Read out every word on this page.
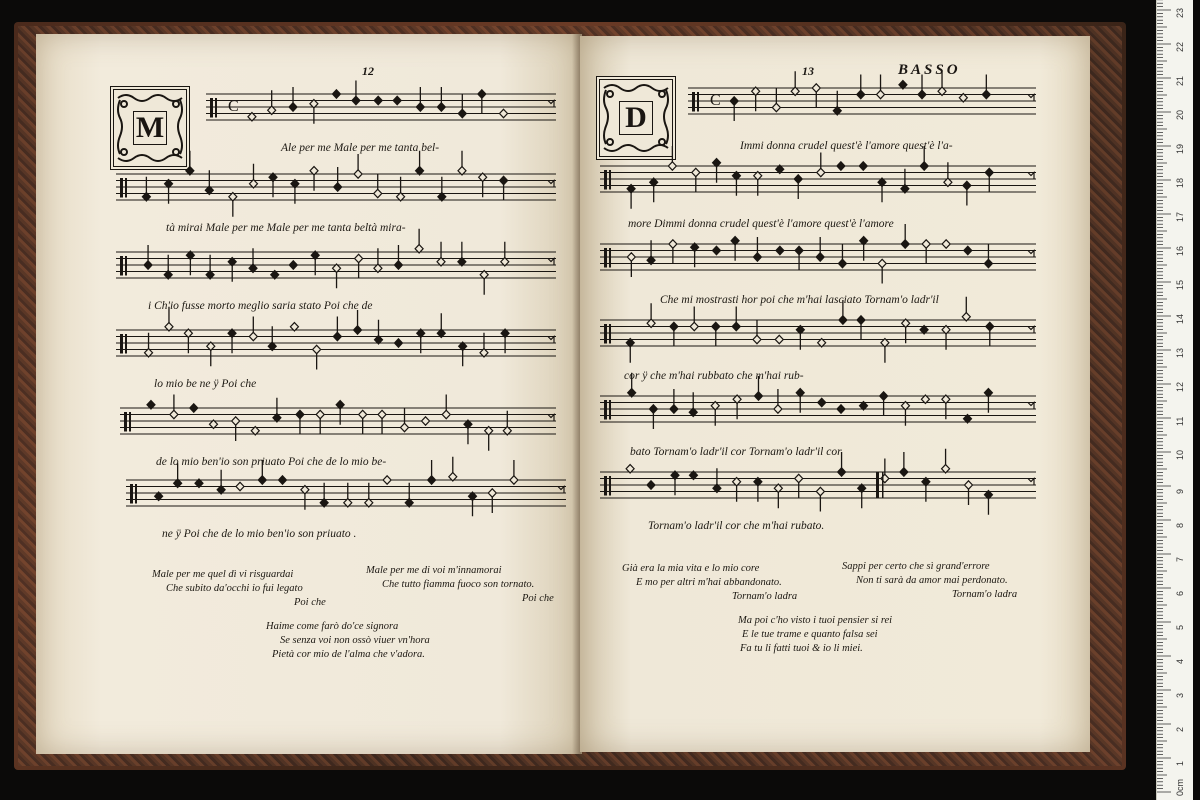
12
M
C
Ale per me Male per me tanta bel-
tà mirai Male per me Male per me tanta beltà mira-
i Ch'io fusse morto meglio saria stato Poi che de
lo mio be ne ÿ Poi che
de lo mio ben'io son priuato Poi che de lo mio be-
ne ÿ Poi che de lo mio ben'io son priuato .
Male per me quel dì vi risguardai
Che subito da'occhi io fui legato
Poi che
Male per me di voi m'innamorai
Che tutto fiamma fuoco son tornato.
Poi che
Haime come farò do'ce signora
Se senza voi non ossò viuer vn'hora
Pietà cor mio de l'alma che v'adora.
13	BASSO
D
C
Immi donna crudel quest'è l'amore quest'è l'a-
more Dimmi donna crudel quest'è l'amore quest'è l'amore
Che mi mostrasti hor poi che m'hai lasciato Tornam'o ladr'il
cor ÿ che m'hai rubbato che m'hai rub-
bato Tornam'o ladr'il cor Tornam'o ladr'il cor
Tornam'o ladr'il cor che m'hai rubato.
Già era la mia vita e lo mio core
E mo per altri m'hai abbandonato.
Tornam'o ladra
Sappi per certo che sì grand'errore
Non ti sarà da amor mai perdonato.
Tornam'o ladra
Ma poi c'ho visto i tuoi pensier si rei
E le tue trame e quanto falsa sei
Fa tu li fatti tuoi & io li miei.
0cm
1
2
3
4
5
6
7
8
9
10
11
12
13
14
15
16
17
18
19
20
21
22
23
